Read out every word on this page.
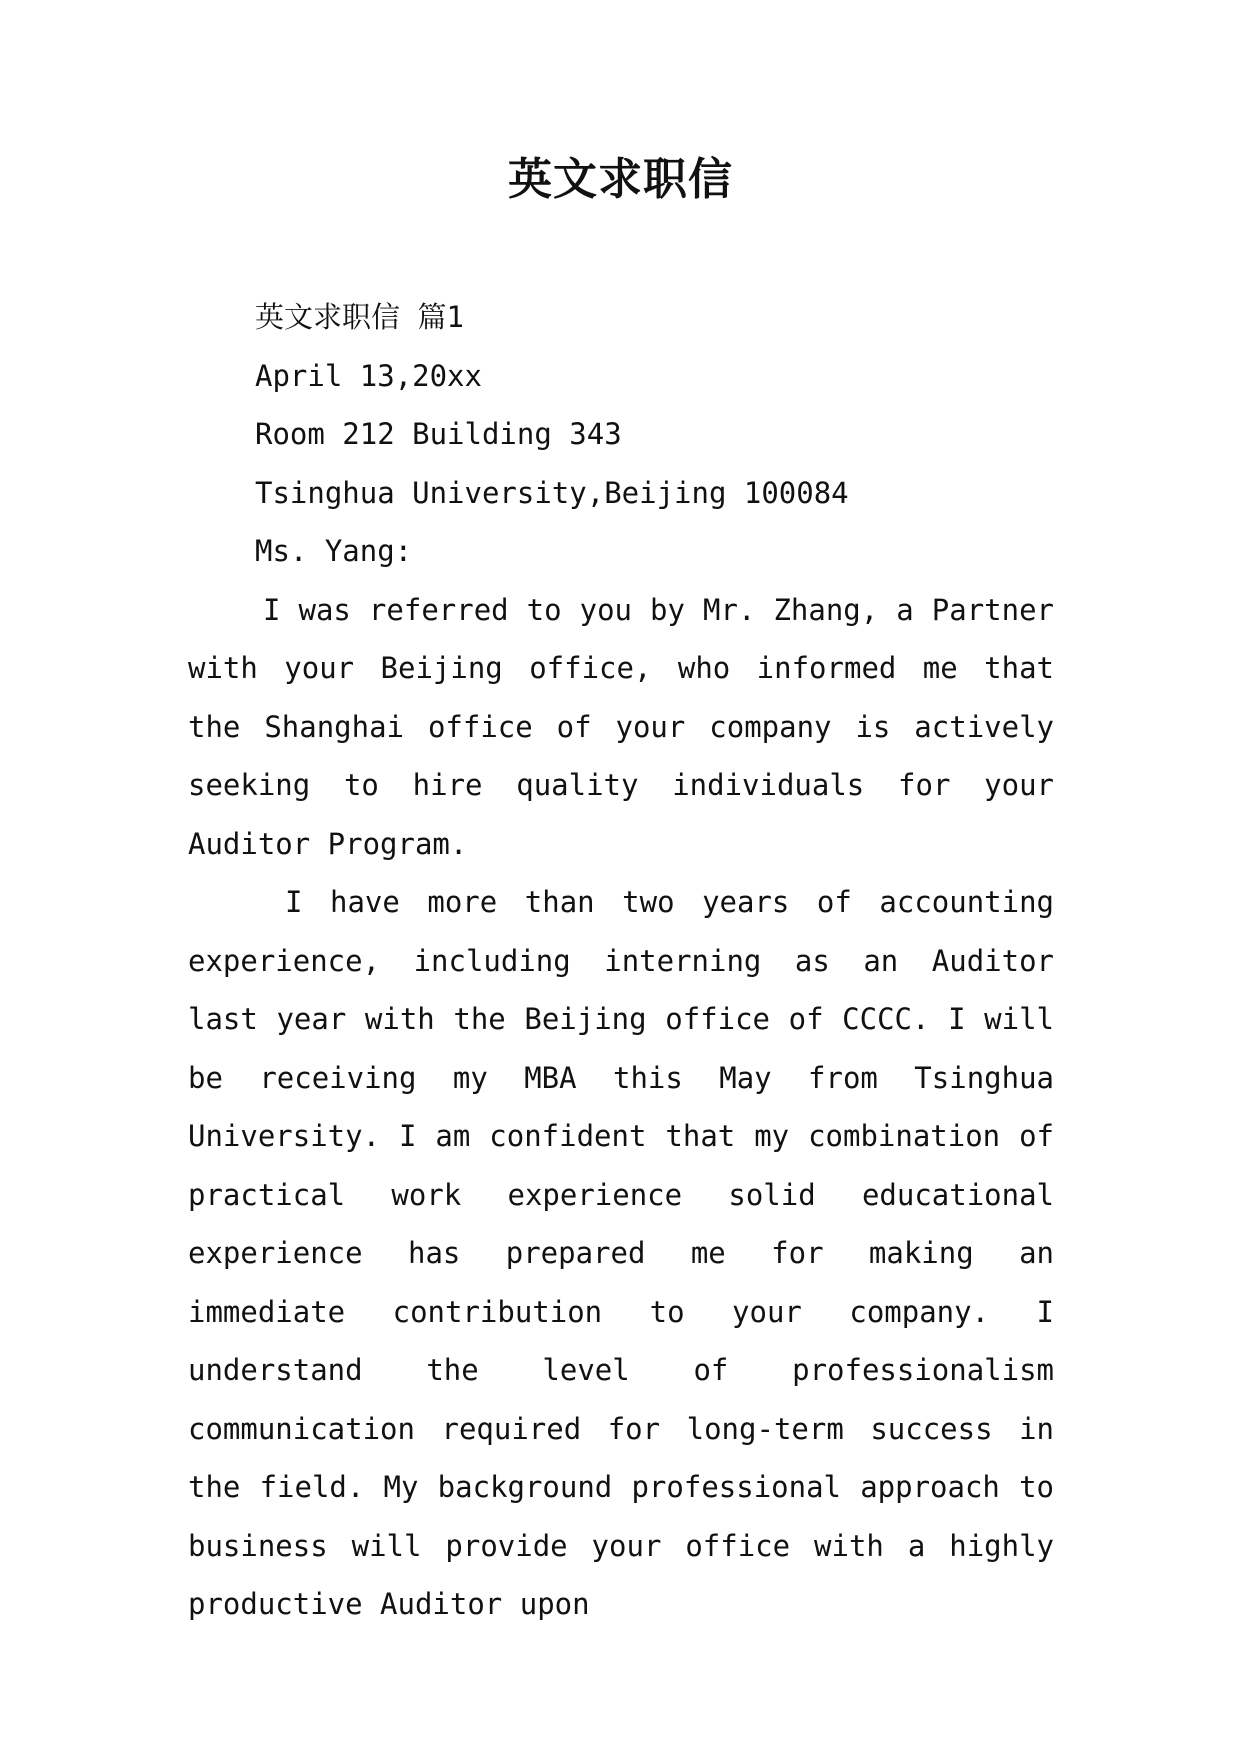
英文求职信
英文求职信 篇1
April 13,20xx
Room 212 Building 343
Tsinghua University,Beijing 100084
Ms. Yang:

I was referred to you by Mr. Zhang, a Partner with your Beijing office, who informed me that the Shanghai office of your company is actively seeking to hire quality individuals for your Auditor Program.

I have more than two years of accounting experience, including interning as an Auditor last year with the Beijing office of CCCC. I will be receiving my MBA this May from Tsinghua University. I am confident that my combination of practical work experience solid educational experience has prepared me for making an immediate contribution to your company. I understand the level of professionalism communication required for long-term success in the field. My background professional approach to business will provide your office with a highly productive Auditor upon
